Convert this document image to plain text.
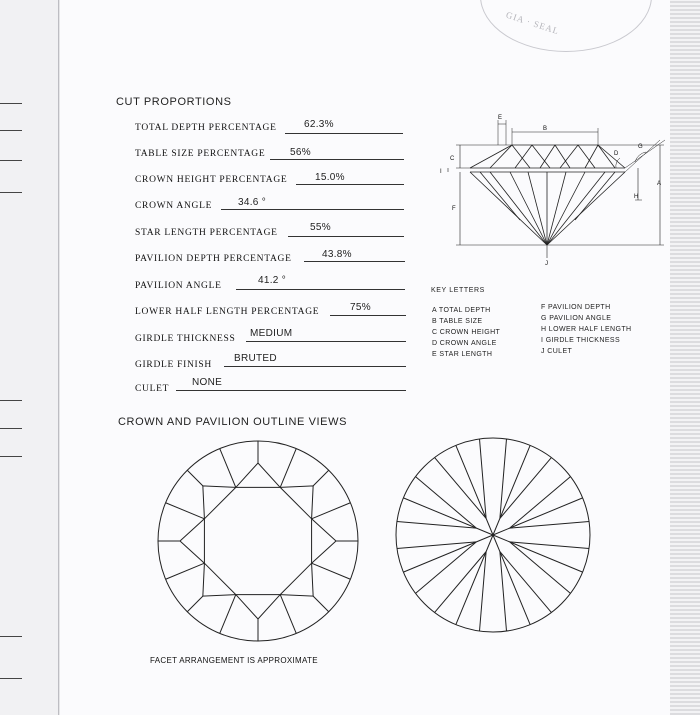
GIA · SEAL
CUT PROPORTIONS
TOTAL DEPTH PERCENTAGE	62.3%
TABLE SIZE PERCENTAGE 56%
CROWN HEIGHT PERCENTAGE	15.0%
CROWN ANGLE	34.6 °
STAR LENGTH PERCENTAGE	55%
PAVILION DEPTH PERCENTAGE	43.8%
PAVILION ANGLE	41.2 °
LOWER HALF LENGTH PERCENTAGE	75%
GIRDLE THICKNESS MEDIUM
GIRDLE FINISH
BRUTED
CULET
NONE
A
B
C
D
E
F
G
H
I
J
KEY LETTERS
A TOTAL DEPTH
B TABLE SIZE
C CROWN HEIGHT
D CROWN ANGLE
E STAR LENGTH
F PAVILION DEPTH
G PAVILION ANGLE
H LOWER HALF LENGTH
I GIRDLE THICKNESS
J CULET
CROWN AND PAVILION OUTLINE VIEWS
FACET ARRANGEMENT IS APPROXIMATE
